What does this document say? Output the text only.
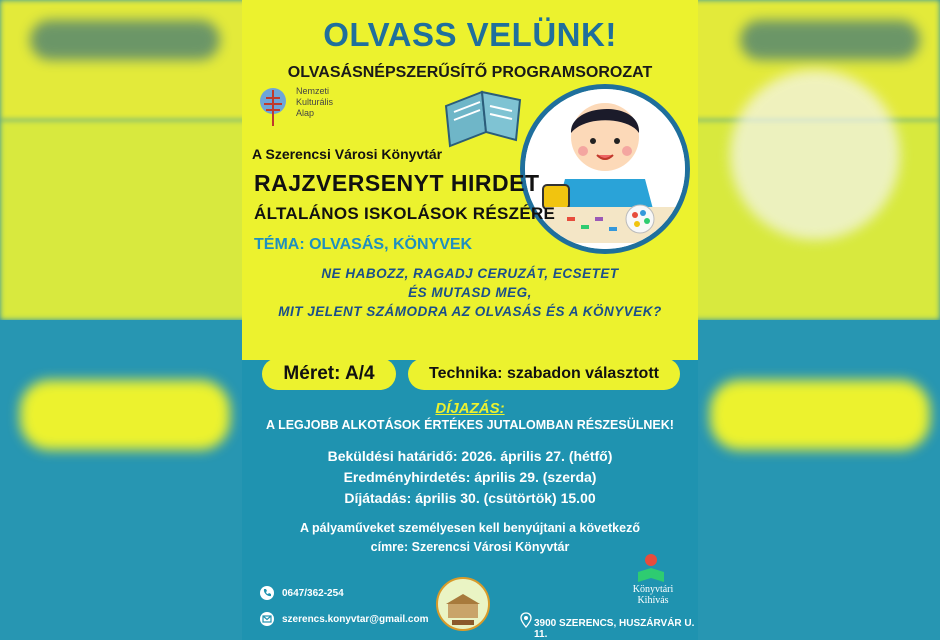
OLVASS VELÜNK!
OLVASÁSNÉPSZERŰSÍTŐ PROGRAMSOROZAT
Nemzeti
Kulturális
Alap
A Szerencsi Városi Könyvtár
RAJZVERSENYT HIRDET
ÁLTALÁNOS ISKOLÁSOK RÉSZÉRE
TÉMA: OLVASÁS, KÖNYVEK
NE HABOZZ, RAGADJ CERUZÁT, ECSETET
ÉS MUTASD MEG,
MIT JELENT SZÁMODRA AZ OLVASÁS ÉS A KÖNYVEK?
Méret: A/4	Technika: szabadon választott
DÍJAZÁS:
A LEGJOBB ALKOTÁSOK ÉRTÉKES JUTALOMBAN RÉSZESÜLNEK!
Beküldési határidő: 2026. április 27. (hétfő)
Eredményhirdetés: április 29. (szerda)
Díjátadás: április 30. (csütörtök) 15.00
A pályaműveket személyesen kell benyújtani a következő
címre: Szerencsi Városi Könyvtár
0647/362-254
szerencs.konyvtar@gmail.com	3900 SZERENCS, HUSZÁRVÁR U. 11.
Könyvtári
Kihívás
